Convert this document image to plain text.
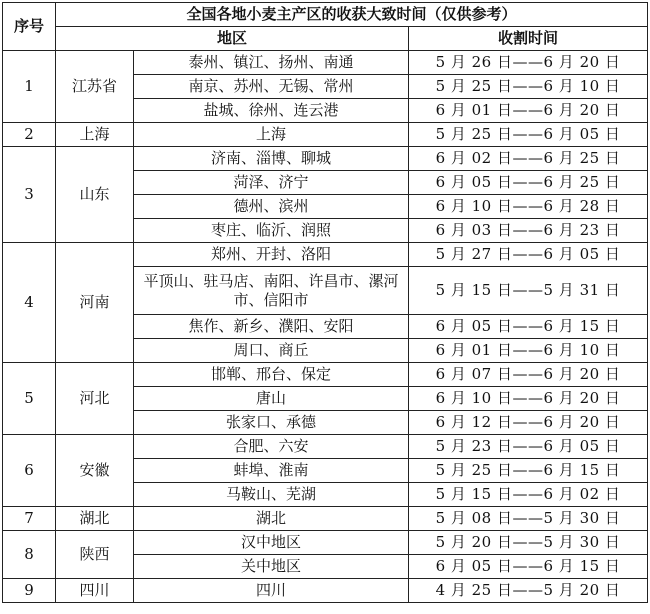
序号	全国各地小麦主产区的收获大致时间（仅供参考）		
	地区		收割时间
1	江苏省	泰州、镇江、扬州、南通	5 月 26 日——6 月 20 日
		南京、苏州、无锡、常州	5 月 25 日——6 月 10 日
		盐城、徐州、连云港	6 月 01 日——6 月 20 日
2	上海	上海	5 月 25 日——6 月 05 日
3	山东	济南、淄博、聊城	6 月 02 日——6 月 25 日
		菏泽、济宁	6 月 05 日——6 月 25 日
		德州、滨州	6 月 10 日——6 月 28 日
		枣庄、临沂、润照	6 月 03 日——6 月 23 日
4	河南	郑州、开封、洛阳	5 月 27 日——6 月 05 日
		平顶山、驻马店、南阳、许昌市、漯河市、信阳市	5 月 15 日——5 月 31 日
		焦作、新乡、濮阳、安阳	6 月 05 日——6 月 15 日
		周口、商丘	6 月 01 日——6 月 10 日
5	河北	邯郸、邢台、保定	6 月 07 日——6 月 20 日
		唐山	6 月 10 日——6 月 20 日
		张家口、承德	6 月 12 日——6 月 20 日
6	安徽	合肥、六安	5 月 23 日——6 月 05 日
		蚌埠、淮南	5 月 25 日——6 月 15 日
		马鞍山、芜湖	5 月 15 日——6 月 02 日
7	湖北	湖北	5 月 08 日——5 月 30 日
8	陕西	汉中地区	5 月 20 日——5 月 30 日
		关中地区	6 月 05 日——6 月 15 日
9	四川	四川	4 月 25 日——5 月 20 日
